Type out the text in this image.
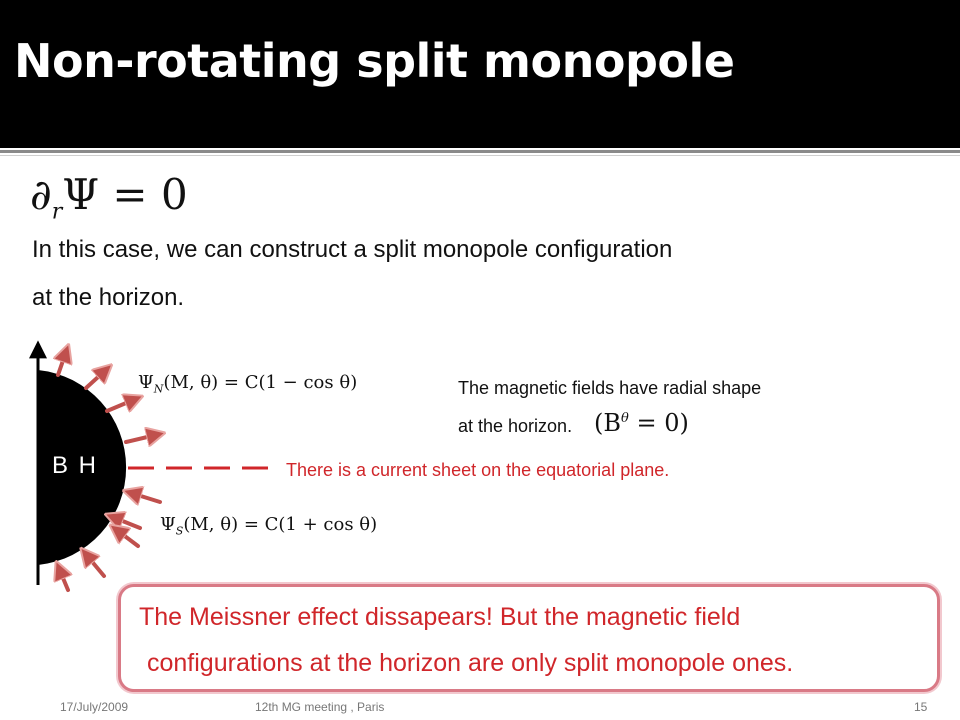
Non-rotating split monopole
$\partial_r\Psi = 0$
In this case, we can construct a split monopole configuration
at the horizon.
B H
$\Psi_N(M$, θ) = C(1 − cos θ)
$\Psi_S(M$, θ) = C(1 + cos θ)
The magnetic fields have radial shape
at the horizon. $(B^\theta = 0)$
There is a current sheet on the equatorial plane.
The Meissner effect dissapears! But the magnetic field
configurations at the horizon are only split monopole ones.
17/July/2009	12th MG meeting , Paris	15
